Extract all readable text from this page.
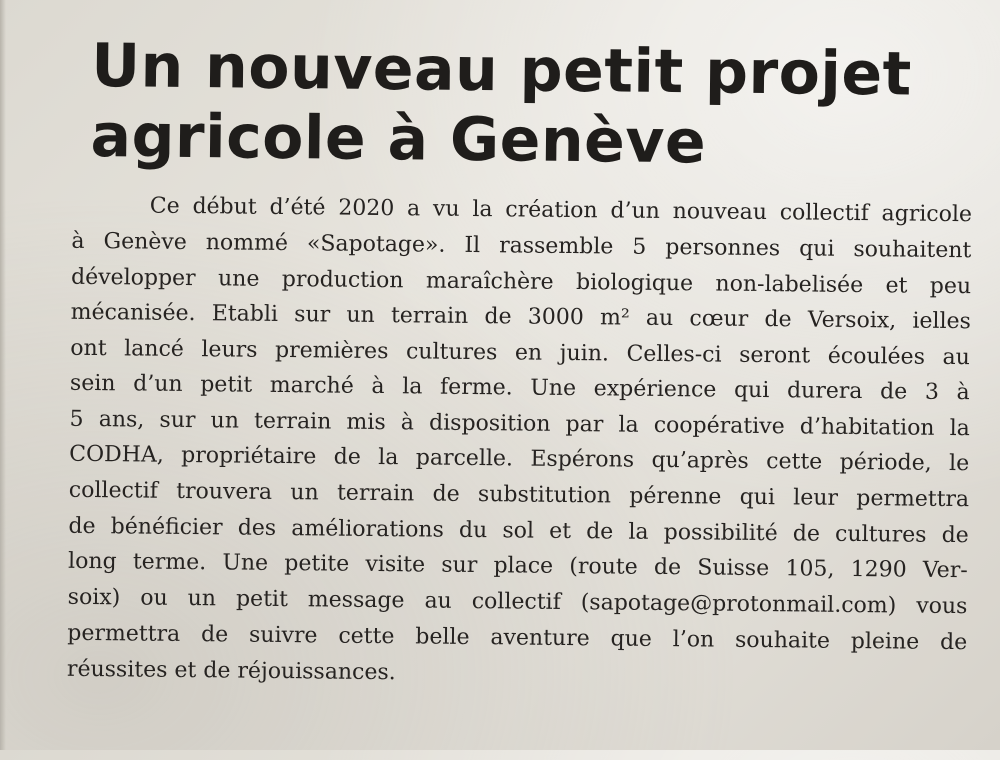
Un nouveau petit projet
agricole à Genève
Ce début d’été 2020 a vu la création d’un nouveau collectif agricole
à Genève nommé «Sapotage». Il rassemble 5 personnes qui souhaitent
développer une production maraîchère biologique non-labelisée et peu
mécanisée. Etabli sur un terrain de 3000 m² au cœur de Versoix, ielles
ont lancé leurs premières cultures en juin. Celles-ci seront écoulées au
sein d’un petit marché à la ferme. Une expérience qui durera de 3 à
5 ans, sur un terrain mis à disposition par la coopérative d’habitation la
CODHA, propriétaire de la parcelle. Espérons qu’après cette période, le
collectif trouvera un terrain de substitution pérenne qui leur permettra
de bénéficier des améliorations du sol et de la possibilité de cultures de
long terme. Une petite visite sur place (route de Suisse 105, 1290 Ver-
soix) ou un petit message au collectif (sapotage@protonmail.com) vous
permettra de suivre cette belle aventure que l’on souhaite pleine de
réussites et de réjouissances.
